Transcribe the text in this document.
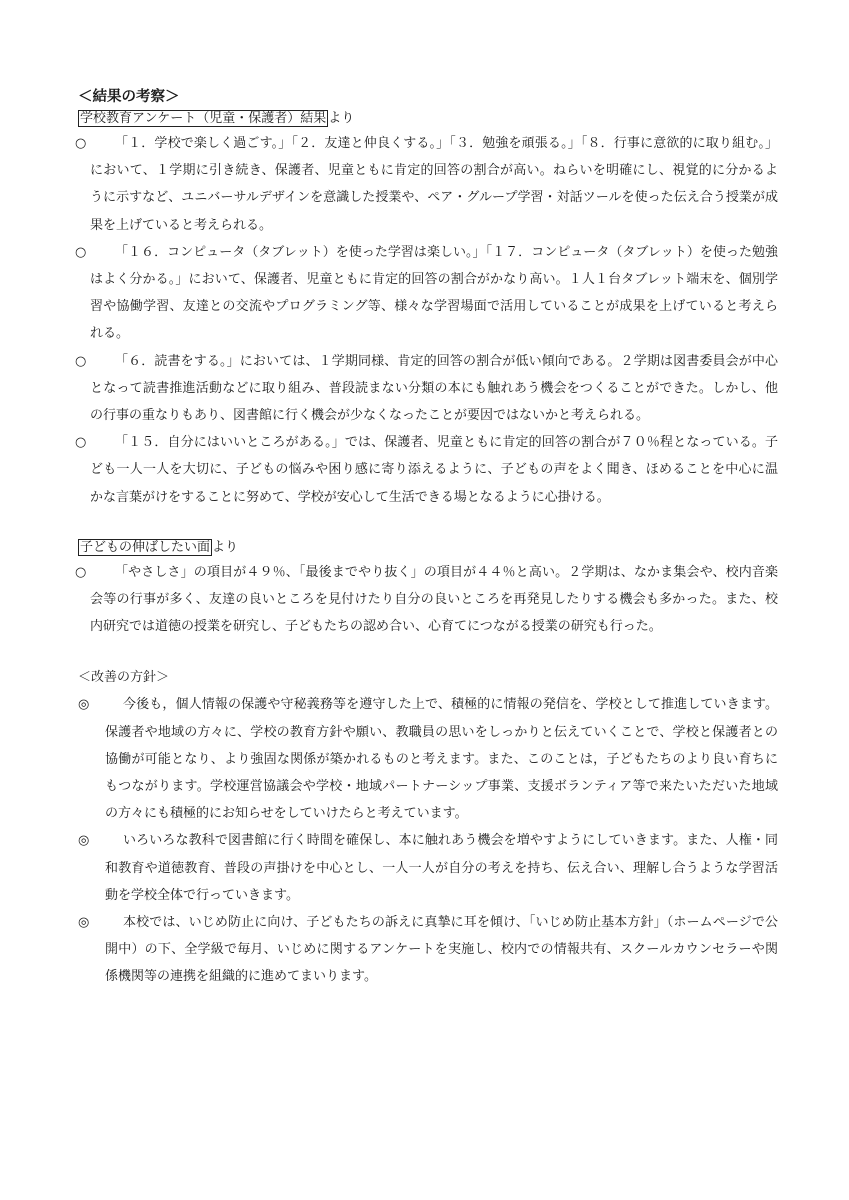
＜結果の考察＞
学校教育アンケート（児童・保護者）結果 より
○	「１．学校で楽しく過ごす。」「２．友達と仲良くする。」「３．勉強を頑張る。」「８．行事に意欲的に取り組む。」において、１学期に引き続き、保護者、児童ともに肯定的回答の割合が高い。ねらいを明確にし、視覚的に分かるように示すなど、ユニバーサルデザインを意識した授業や、ペア・グループ学習・対話ツールを使った伝え合う授業が成果を上げていると考えられる。
○	「１６．コンピュータ（タブレット）を使った学習は楽しい。」「１７．コンピュータ（タブレット）を使った勉強はよく分かる。」において、保護者、児童ともに肯定的回答の割合がかなり高い。１人１台タブレット端末を、個別学習や協働学習、友達との交流やプログラミング等、様々な学習場面で活用していることが成果を上げていると考えられる。
○	「６．読書をする。」においては、１学期同様、肯定的回答の割合が低い傾向である。２学期は図書委員会が中心となって読書推進活動などに取り組み、普段読まない分類の本にも触れあう機会をつくることができた。しかし、他の行事の重なりもあり、図書館に行く機会が少なくなったことが要因ではないかと考えられる。
○	「１５．自分にはいいところがある。」では、保護者、児童ともに肯定的回答の割合が７０％程となっている。子ども一人一人を大切に、子どもの悩みや困り感に寄り添えるように、子どもの声をよく聞き、ほめることを中心に温かな言葉がけをすることに努めて、学校が安心して生活できる場となるように心掛ける。
子どもの伸ばしたい面 より
○	「やさしさ」の項目が４９％、「最後までやり抜く」の項目が４４％と高い。２学期は、なかま集会や、校内音楽会等の行事が多く、友達の良いところを見付けたり自分の良いところを再発見したりする機会も多かった。また、校内研究では道徳の授業を研究し、子どもたちの認め合い、心育てにつながる授業の研究も行った。
＜改善の方針＞
◎	今後も，個人情報の保護や守秘義務等を遵守した上で、積極的に情報の発信を、学校として推進していきます。保護者や地域の方々に、学校の教育方針や願い、教職員の思いをしっかりと伝えていくことで、学校と保護者との協働が可能となり、より強固な関係が築かれるものと考えます。また、このことは，子どもたちのより良い育ちにもつながります。学校運営協議会や学校・地域パートナーシップ事業、支援ボランティア等で来たいただいた地域の方々にも積極的にお知らせをしていけたらと考えています。
◎	いろいろな教科で図書館に行く時間を確保し、本に触れあう機会を増やすようにしていきます。また、人権・同和教育や道徳教育、普段の声掛けを中心とし、一人一人が自分の考えを持ち、伝え合い、理解し合うような学習活動を学校全体で行っていきます。
◎	本校では、いじめ防止に向け、子どもたちの訴えに真摯に耳を傾け、「いじめ防止基本方針」（ホームページで公開中）の下、全学級で毎月、いじめに関するアンケートを実施し、校内での情報共有、スクールカウンセラーや関係機関等の連携を組織的に進めてまいります。
